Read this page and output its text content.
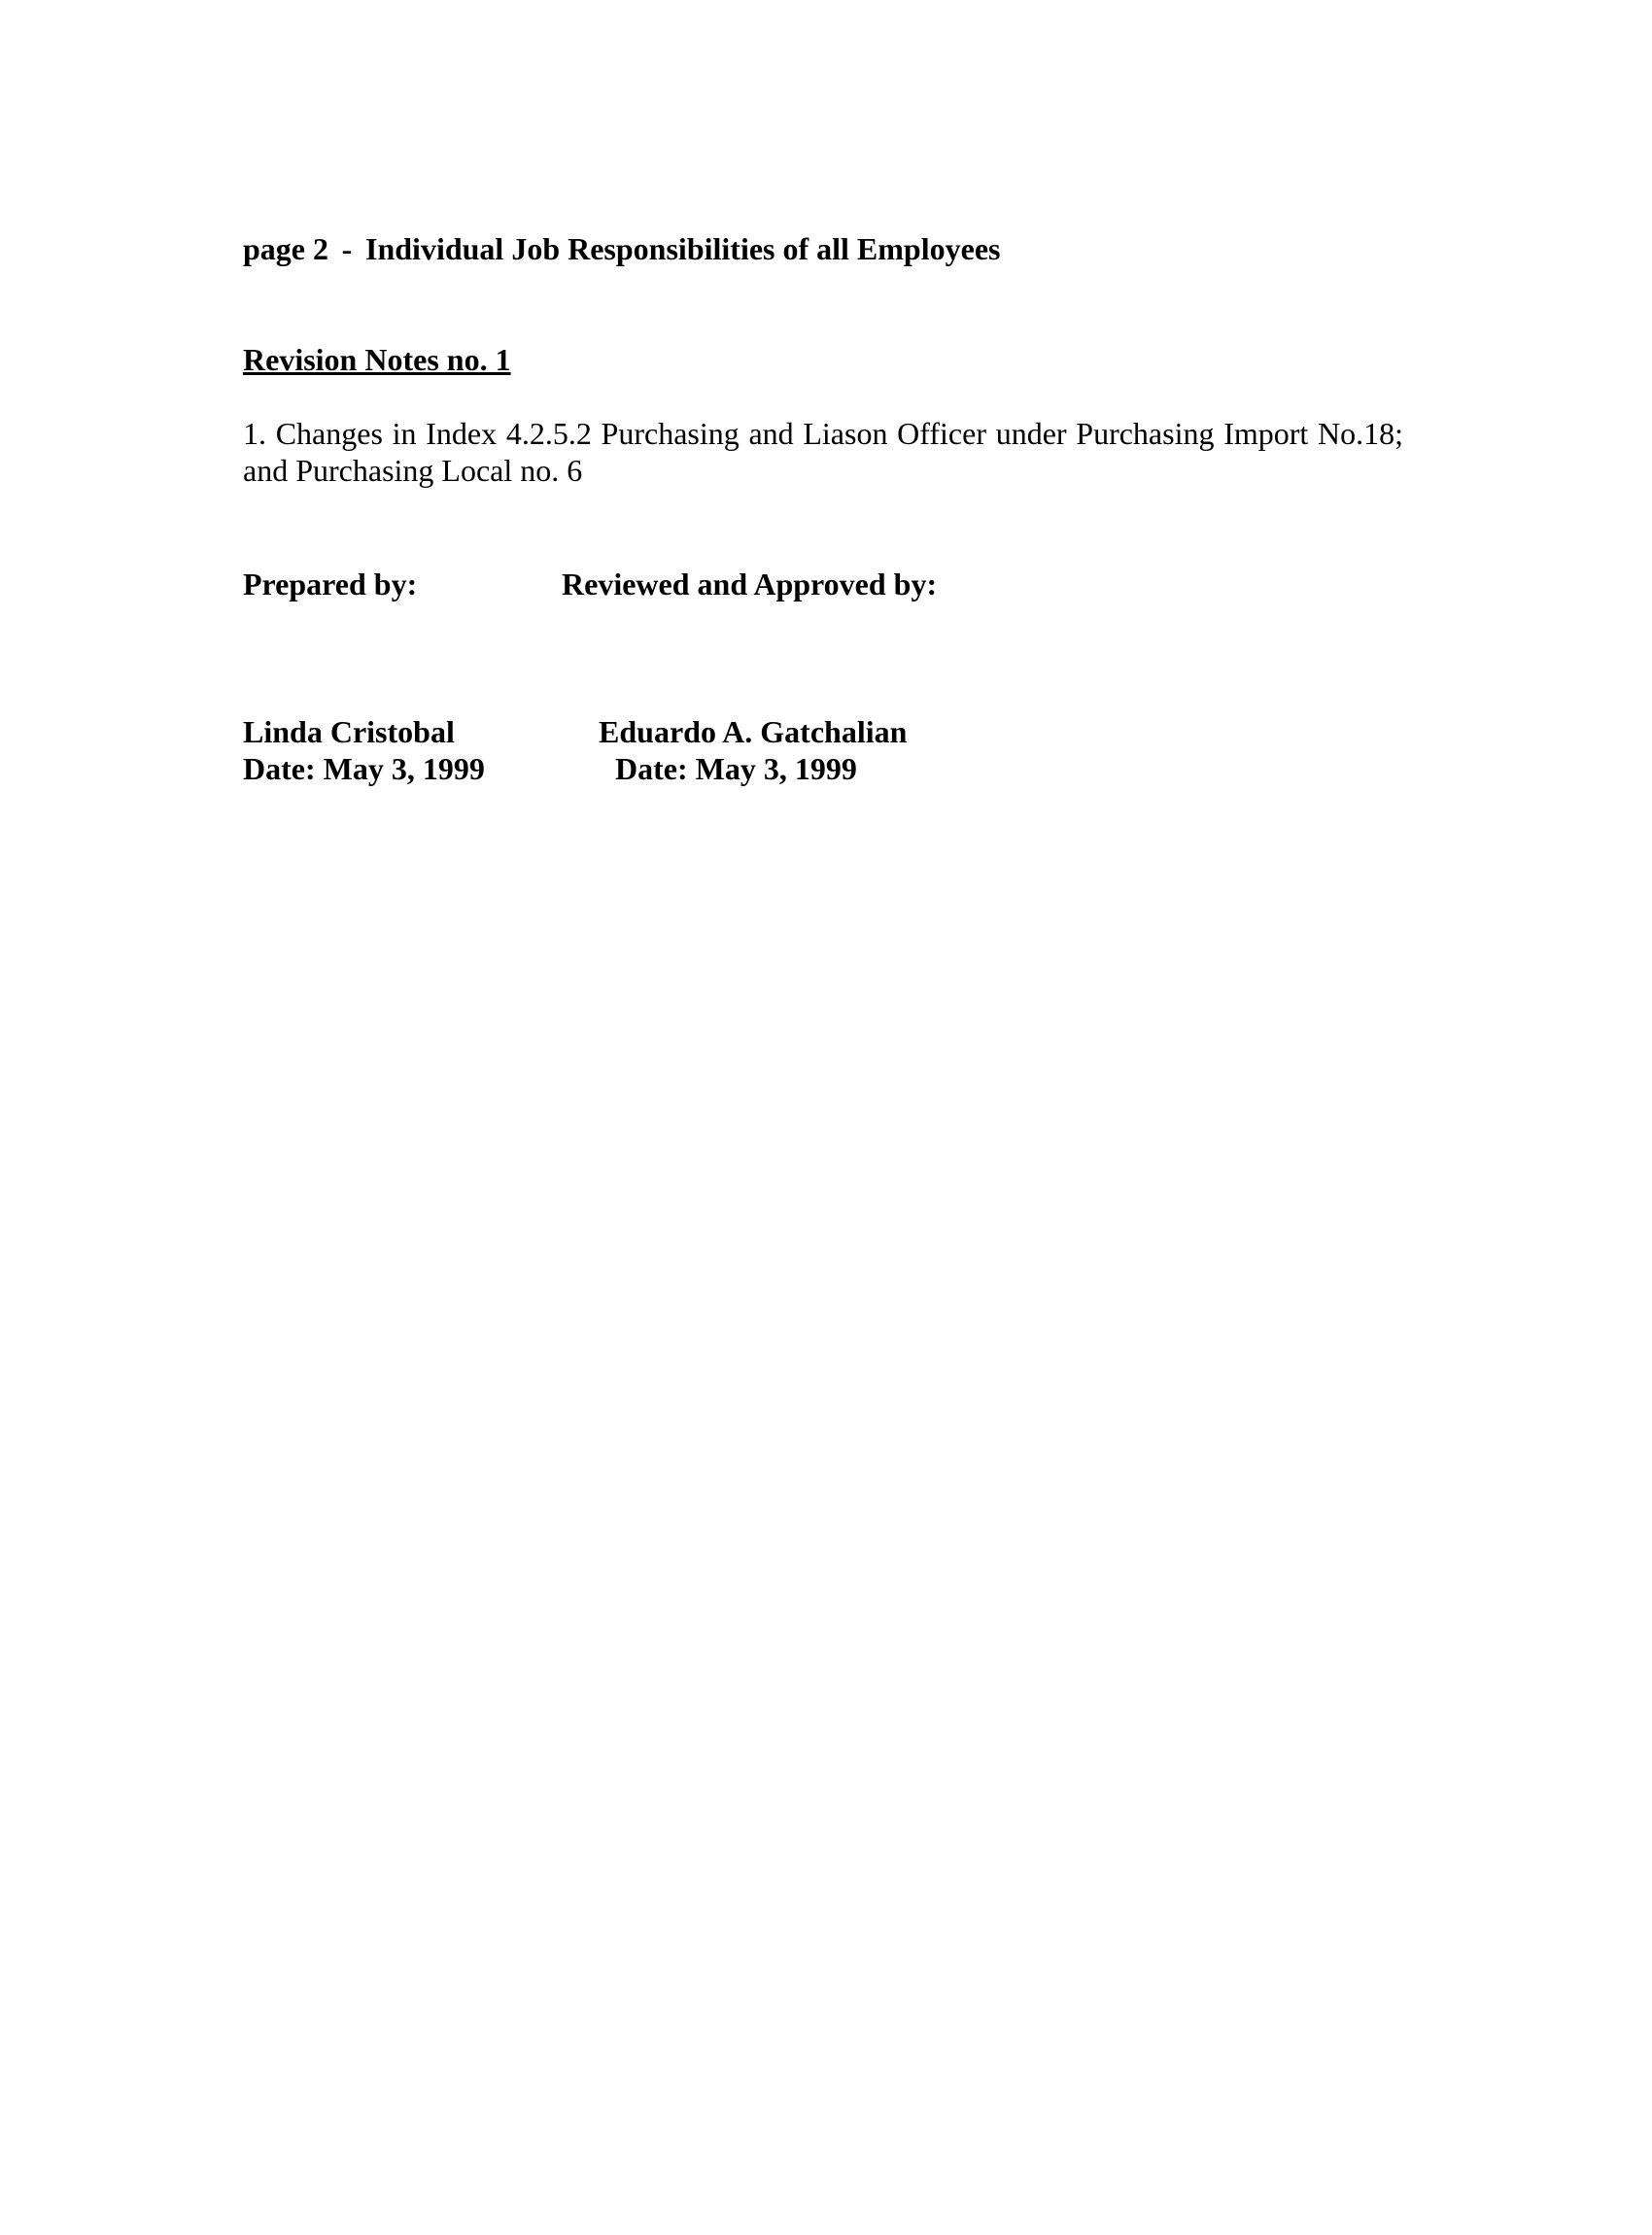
page 2 - Individual Job Responsibilities of all Employees
Revision Notes no. 1
1. Changes in Index 4.2.5.2 Purchasing and Liason Officer under Purchasing Import No.18; and Purchasing Local no. 6
Prepared by:	Reviewed and Approved by:
Linda Cristobal
Date: May 3, 1999
Eduardo A. Gatchalian
Date: May 3, 1999
